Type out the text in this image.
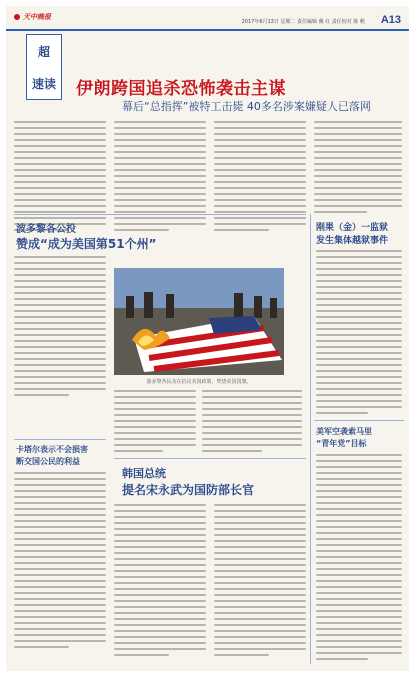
天中晚报
2017年6月13日 星期二 责任编辑 戴 红 责任校对 陈 帆 A13
超
速读 伊朗跨国追杀恐怖袭击主谋
幕后“总指挥”被特工击毙 40多名涉案嫌疑人已落网
波多黎各公投
赞成“成为美国第51个州”
波多黎各民众在抗议美国政策，焚烧美国国旗。
刚果（金）一监狱
发生集体越狱事件
卡塔尔表示不会损害
断交国公民的利益
韩国总统
提名宋永武为国防部长官
美军空袭索马里
“青年党”目标
